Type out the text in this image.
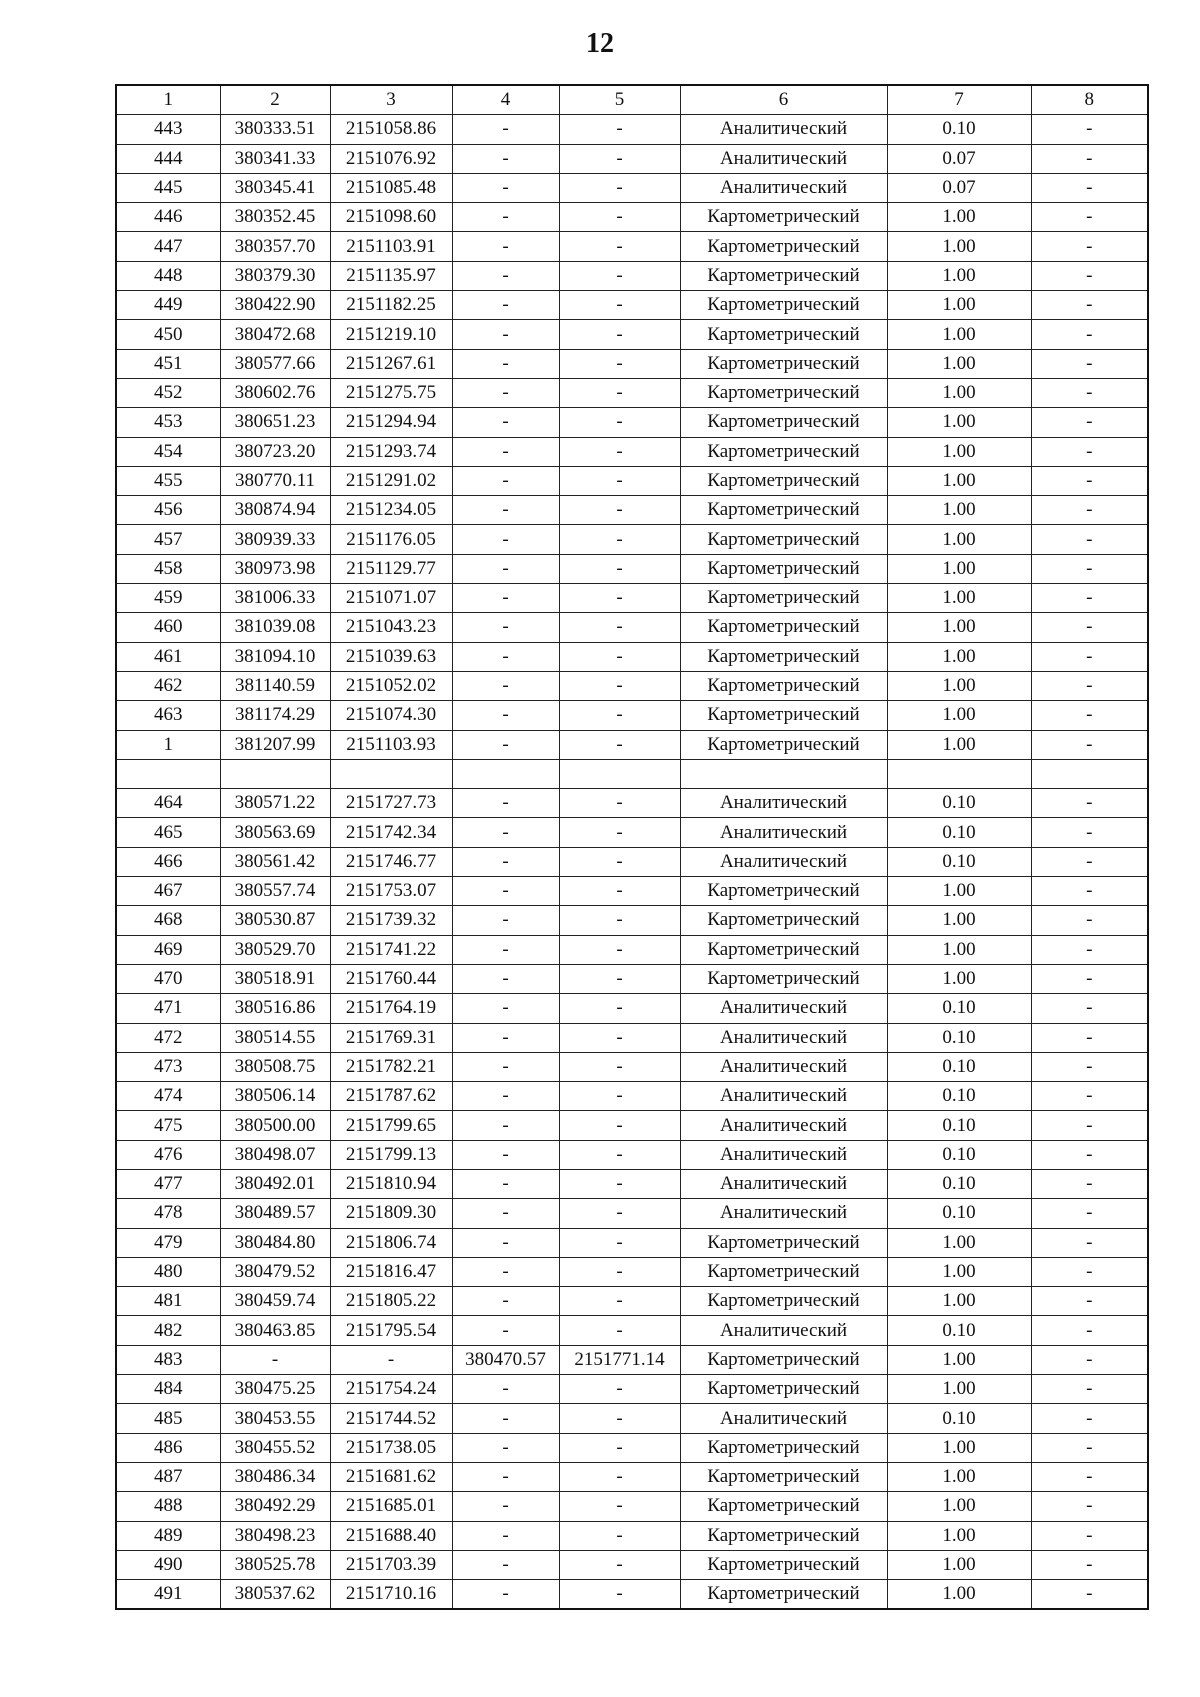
12
1	2	3	4	5	6	7	8
443	380333.51	2151058.86	-	-	Аналитический	0.10	-
444	380341.33	2151076.92	-	-	Аналитический	0.07	-
445	380345.41	2151085.48	-	-	Аналитический	0.07	-
446	380352.45	2151098.60	-	-	Картометрический	1.00	-
447	380357.70	2151103.91	-	-	Картометрический	1.00	-
448	380379.30	2151135.97	-	-	Картометрический	1.00	-
449	380422.90	2151182.25	-	-	Картометрический	1.00	-
450	380472.68	2151219.10	-	-	Картометрический	1.00	-
451	380577.66	2151267.61	-	-	Картометрический	1.00	-
452	380602.76	2151275.75	-	-	Картометрический	1.00	-
453	380651.23	2151294.94	-	-	Картометрический	1.00	-
454	380723.20	2151293.74	-	-	Картометрический	1.00	-
455	380770.11	2151291.02	-	-	Картометрический	1.00	-
456	380874.94	2151234.05	-	-	Картометрический	1.00	-
457	380939.33	2151176.05	-	-	Картометрический	1.00	-
458	380973.98	2151129.77	-	-	Картометрический	1.00	-
459	381006.33	2151071.07	-	-	Картометрический	1.00	-
460	381039.08	2151043.23	-	-	Картометрический	1.00	-
461	381094.10	2151039.63	-	-	Картометрический	1.00	-
462	381140.59	2151052.02	-	-	Картометрический	1.00	-
463	381174.29	2151074.30	-	-	Картометрический	1.00	-
1	381207.99	2151103.93	-	-	Картометрический	1.00	-

464	380571.22	2151727.73	-	-	Аналитический	0.10	-
465	380563.69	2151742.34	-	-	Аналитический	0.10	-
466	380561.42	2151746.77	-	-	Аналитический	0.10	-
467	380557.74	2151753.07	-	-	Картометрический	1.00	-
468	380530.87	2151739.32	-	-	Картометрический	1.00	-
469	380529.70	2151741.22	-	-	Картометрический	1.00	-
470	380518.91	2151760.44	-	-	Картометрический	1.00	-
471	380516.86	2151764.19	-	-	Аналитический	0.10	-
472	380514.55	2151769.31	-	-	Аналитический	0.10	-
473	380508.75	2151782.21	-	-	Аналитический	0.10	-
474	380506.14	2151787.62	-	-	Аналитический	0.10	-
475	380500.00	2151799.65	-	-	Аналитический	0.10	-
476	380498.07	2151799.13	-	-	Аналитический	0.10	-
477	380492.01	2151810.94	-	-	Аналитический	0.10	-
478	380489.57	2151809.30	-	-	Аналитический	0.10	-
479	380484.80	2151806.74	-	-	Картометрический	1.00	-
480	380479.52	2151816.47	-	-	Картометрический	1.00	-
481	380459.74	2151805.22	-	-	Картометрический	1.00	-
482	380463.85	2151795.54	-	-	Аналитический	0.10	-
483	-	-	380470.57	2151771.14	Картометрический	1.00	-
484	380475.25	2151754.24	-	-	Картометрический	1.00	-
485	380453.55	2151744.52	-	-	Аналитический	0.10	-
486	380455.52	2151738.05	-	-	Картометрический	1.00	-
487	380486.34	2151681.62	-	-	Картометрический	1.00	-
488	380492.29	2151685.01	-	-	Картометрический	1.00	-
489	380498.23	2151688.40	-	-	Картометрический	1.00	-
490	380525.78	2151703.39	-	-	Картометрический	1.00	-
491	380537.62	2151710.16	-	-	Картометрический	1.00	-
